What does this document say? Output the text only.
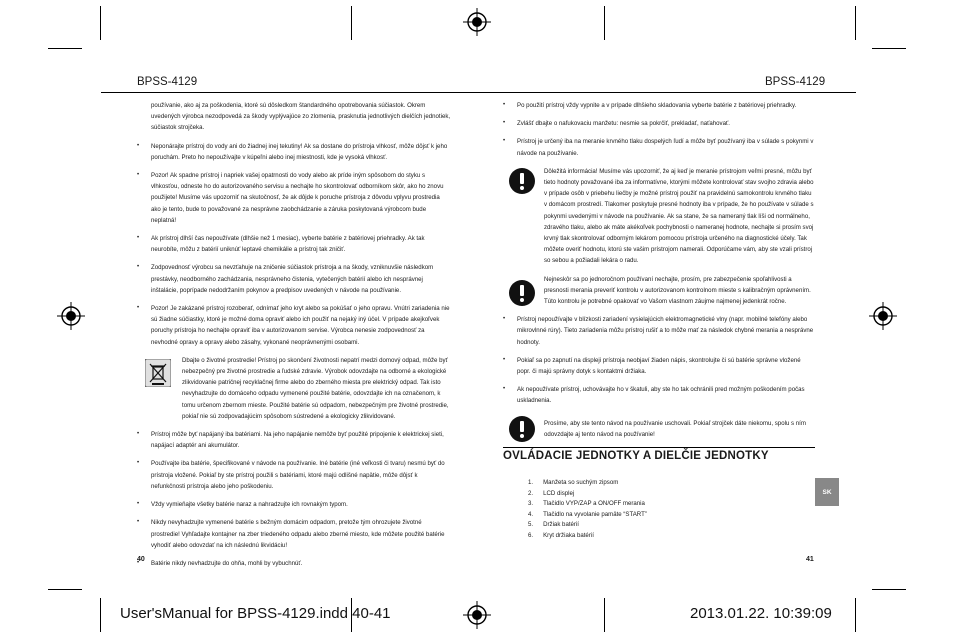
BPSS-4129	BPSS-4129

používanie, ako aj za poškodenia, ktoré sú dôsledkom štandardného opotrebovania súčiastok. Okrem uvedených výrobca nezodpovedá za škody vyplývajúce zo zlomenia, prasknutia jednotlivých dielčích jednotiek, súčiastok strojčeka.

• Neponárajte prístroj do vody ani do žiadnej inej tekutiny! Ak sa dostane do prístroja vlhkosť, môže dôjsť k jeho poruchám. Preto ho nepoužívajte v kúpeľni alebo inej miestnosti, kde je vysoká vlhkosť.
• Pozor! Ak spadne prístroj i napriek vašej opatrnosti do vody alebo ak príde iným spôsobom do styku s vlhkosťou, odneste ho do autorizovaného servisu a nechajte ho skontrolovať odborníkom skôr, ako ho znovu použijete! Musíme vás upozorniť na skutočnosť, že ak dôjde k poruche prístroja z dôvodu vplyvu prostredia ako je tento, bude to považované za nesprávne zaobchádzanie a záruka poskytovaná výrobcom bude neplatná!
• Ak prístroj dlhší čas nepoužívate (dlhšie než 1 mesiac), vyberte batérie z batériovej priehradky. Ak tak neurobíte, môžu z batérií uniknúť leptavé chemikálie a prístroj tak zničiť.
• Zodpovednosť výrobcu sa nevzťahuje na zničenie súčiastok prístroja a na škody, vzniknuvšie následkom prestávky, neodborného zachádzania, nesprávneho čistenia, vytečených batérií alebo ich nesprávnej inštalácie, poprípade nedodržaním pokynov a predpisov uvedených v návode na používanie.
• Pozor! Je zakázané prístroj rozoberať, odnímať jeho kryt alebo sa pokúšať o jeho opravu. Vnútri zariadenia nie sú žiadne súčiastky, ktoré je možné doma opraviť alebo ich použiť na nejaký iný účel. V prípade akejkoľvek poruchy prístroja ho nechajte opraviť iba v autorizovanom servise. Výrobca nenesie zodpovednosť za nevhodné opravy a opravy alebo zásahy, vykonané neoprávnenými osobami.
Dbajte o životné prostredie! Prístroj po skončení životnosti nepatrí medzi domový odpad, môže byť nebezpečný pre životné prostredie a ľudské zdravie. Výrobok odovzdajte na odborné a ekologické zlikvidovanie patričnej recyklačnej firme alebo do zberného miesta pre elektrický odpad. Tak isto nevyhadzujte do domáceho odpadu vymenené použité batérie, odovzdajte ich na označenom, k tomu určenom zbernom mieste. Použité batérie sú odpadom, nebezpečným pre životné prostredie, pokiaľ nie sú zodpovadajúcim spôsobom sústredené a ekologicky zlikvidované.
• Prístroj môže byť napájaný iba batériami. Na jeho napájanie nemôže byť použité pripojenie k elektrickej sieti, napájací adaptér ani akumulátor.
• Používajte iba batérie, špecifikované v návode na používanie. Iné batérie (iné veľkosti či tvaru) nesmú byť do prístroja vložené. Pokiaľ by ste prístroj použili s batériami, ktoré majú odlišné napätie, môže dôjsť k nefunkčnosti prístroja alebo jeho poškodeniu.
• Vždy vymieňajte všetky batérie naraz a nahradzujte ich rovnakým typom.
• Nikdy nevyhadzujte vymenené batérie s bežným domácim odpadom, pretože tým ohrozujete životné prostredie! Vyhľadajte kontajner na zber triedeného odpadu alebo zberné miesto, kde môžete použité batérie vyhodiť alebo odovzdať na ich následnú likvidáciu!
• Batérie nikdy nevhadzujte do ohňa, mohli by vybuchnúť.
40
• Po použití prístroj vždy vypnite a v prípade dlhšieho skladovania vyberte batérie z batériovej priehradky.
• Zvlášť dbajte o nafukovaciu manžetu: nesmie sa pokrčiť, prekladať, naťahovať.
• Prístroj je určený iba na meranie krvného tlaku dospelých ľudí a môže byť používaný iba v súlade s pokynmi v návode na používanie.
Dôležitá informácia! Musíme vás upozorniť, že aj keď je meranie prístrojom veľmi presné, môžu byť tieto hodnoty považované iba za informatívne, ktorými môžete kontrolovať stav svojho zdravia alebo v prípade osôb v priebehu liečby je možné prístroj použiť na pravidelnú samokontrolu krvného tlaku v domácom prostredí. Tlakomer poskytuje presné hodnoty iba v prípade, že ho používate v súlade s pokynmi uvedenými v návode na používanie. Ak sa stane, že sa nameraný tlak líši od normálneho, zdravého tlaku, alebo ak máte akékoľvek pochybnosti o nameranej hodnote, nechajte si prosím svoj krvný tlak skontrolovať odborným lekárom pomocou prístroja určeného na diagnostické účely. Tak môžete overiť hodnotu, ktorú ste vašim prístrojom namerali. Odporúčame vám, aby ste vzali prístroj so sebou a požiadali lekára o radu.
Nejneskôr sa po jednoročnom používaní nechajte, prosím, pre zabezpečenie spoľahlivosti a presnosti merania preveriť kontrolu v autorizovanom kontrolnom mieste s kalibračným oprávnením. Túto kontrolu je potrebné opakovať vo Vašom vlastnom záujme najmenej jedenkrát ročne.
• Prístroj nepoužívajte v blízkosti zariadení vysielajúcich elektromagnetické vlny (napr. mobilné telefóny alebo mikrovlnné rúry). Tieto zariadenia môžu prístroj rušiť a to môže mať za následok chybné merania a nesprávne hodnoty.
• Pokiaľ sa po zapnutí na displeji prístroja neobjaví žiaden nápis, skontrolujte či sú batérie správne vložené popr. či majú správny dotyk s kontaktmi držiaka.
• Ak nepoužívate prístroj, uchovávajte ho v škatuli, aby ste ho tak ochránili pred možným poškodením počas uskladnenia.
Prosíme, aby ste tento návod na používanie uschovali. Pokiaľ strojček dáte niekomu, spolu s ním odovzdajte aj tento návod na používanie!
OVLÁDACIE JEDNOTKY A DIELČIE JEDNOTKY
1. Manžeta so suchým zipsom
2. LCD displej
3. Tlačidlo VYP/ZAP a ON/OFF merania
4. Tlačidlo na vyvolanie pamäte “START”
5. Držiak batérií
6. Kryt držiaka batérií
SK
41
User'sManual for BPSS-4129.indd 40-41	2013.01.22. 10:39:09
